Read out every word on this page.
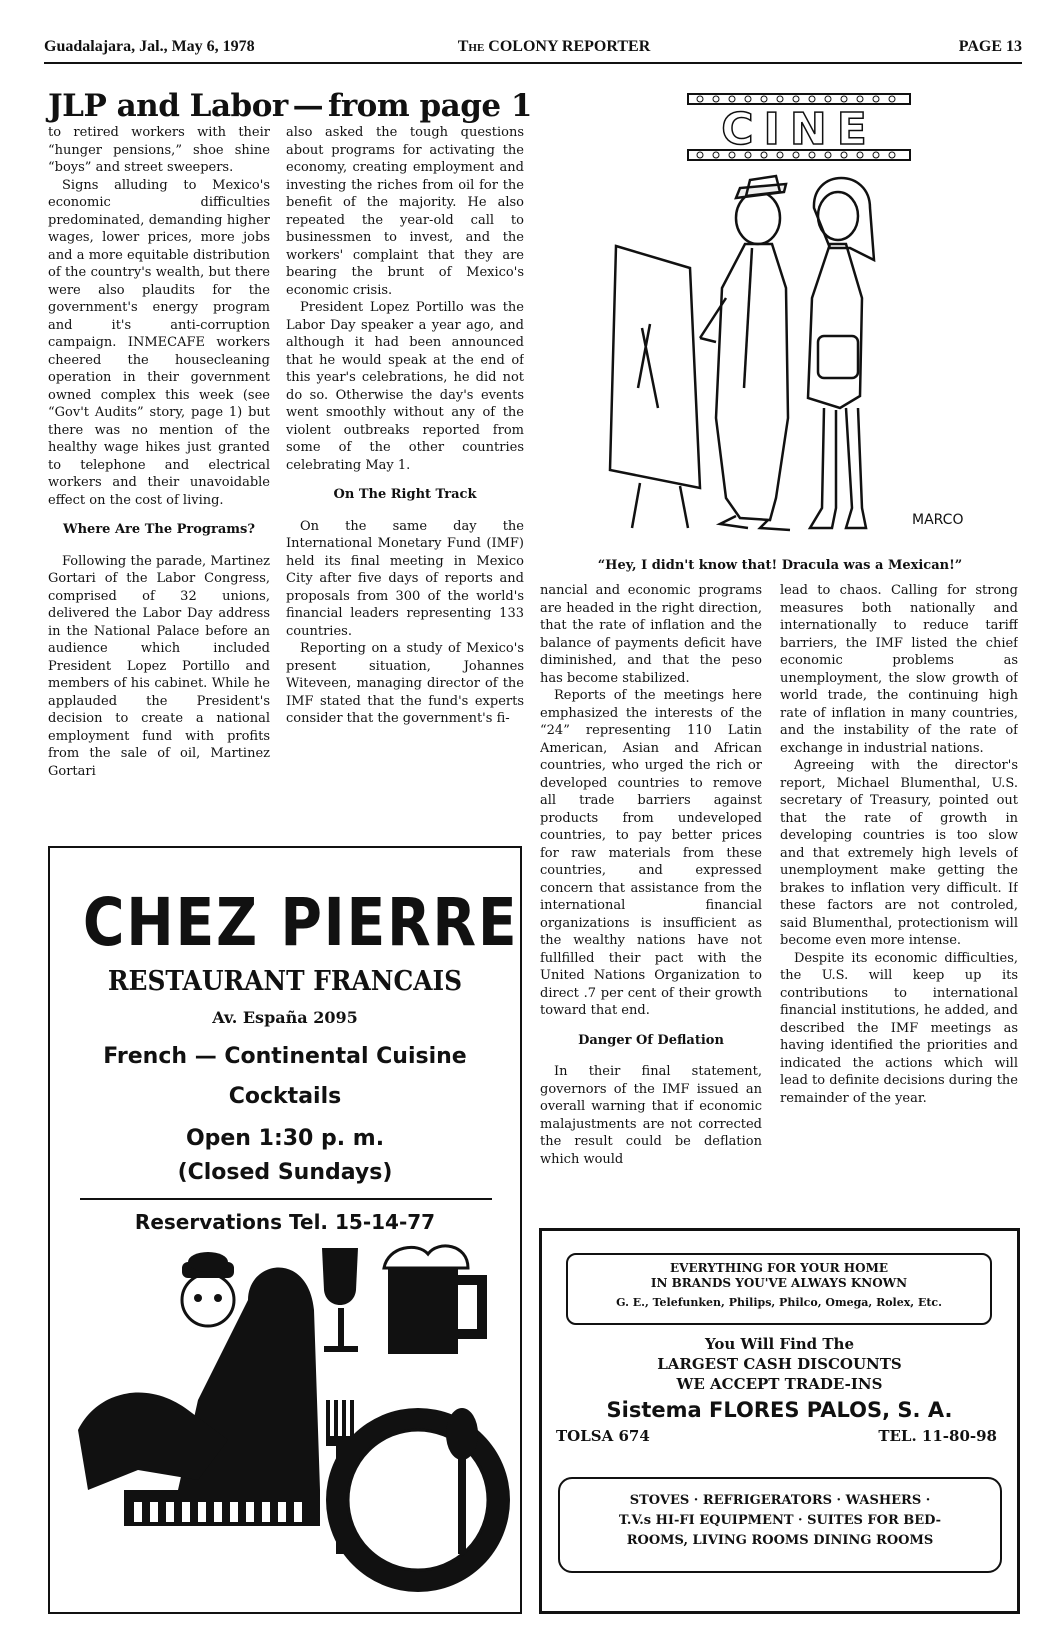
Guadalajara, Jal., May 6, 1978	The COLONY REPORTER	PAGE 13
JLP and Labor — from page 1

to retired workers with their “hunger pensions,” shoe shine “boys” and street sweepers.

Signs alluding to Mexico's economic difficulties predominated, demanding higher wages, lower prices, more jobs and a more equitable distribution of the country's wealth, but there were also plaudits for the government's energy program and it's anti-corruption campaign. INMECAFE workers cheered the housecleaning operation in their government owned complex this week (see “Gov't Audits” story, page 1) but there was no mention of the healthy wage hikes just granted to telephone and electrical workers and their unavoidable effect on the cost of living.

Where Are The Programs?

Following the parade, Martinez Gortari of the Labor Congress, comprised of 32 unions, delivered the Labor Day address in the National Palace before an audience which included President Lopez Portillo and members of his cabinet. While he applauded the President's decision to create a national employment fund with profits from the sale of oil, Martinez Gortari

also asked the tough questions about programs for activating the economy, creating employment and investing the riches from oil for the benefit of the majority. He also repeated the year-old call to businessmen to invest, and the workers' complaint that they are bearing the brunt of Mexico's economic crisis.

President Lopez Portillo was the Labor Day speaker a year ago, and although it had been announced that he would speak at the end of this year's celebrations, he did not do so. Otherwise the day's events went smoothly without any of the violent outbreaks reported from some of the other countries celebrating May 1.

On The Right Track

On the same day the International Monetary Fund (IMF) held its final meeting in Mexico City after five days of reports and proposals from 300 of the world's financial leaders representing 133 countries.

Reporting on a study of Mexico's present situation, Johannes Witeveen, managing director of the IMF stated that the fund's experts consider that the government's fi-

CINE
MARCO
“Hey, I didn't know that! Dracula was a Mexican!”

nancial and economic programs are headed in the right direction, that the rate of inflation and the balance of payments deficit have diminished, and that the peso has become stabilized.

Reports of the meetings here emphasized the interests of the “24” representing 110 Latin American, Asian and African countries, who urged the rich or developed countries to remove all trade barriers against products from undeveloped countries, to pay better prices for raw materials from these countries, and expressed concern that assistance from the international financial organizations is insufficient as the wealthy nations have not fullfilled their pact with the United Nations Organization to direct .7 per cent of their growth toward that end.

Danger Of Deflation

In their final statement, governors of the IMF issued an overall warning that if economic malajustments are not corrected the result could be deflation which would

lead to chaos. Calling for strong measures both nationally and internationally to reduce tariff barriers, the IMF listed the chief economic problems as unemployment, the slow growth of world trade, the continuing high rate of inflation in many countries, and the instability of the rate of exchange in industrial nations.

Agreeing with the director's report, Michael Blumenthal, U.S. secretary of Treasury, pointed out that the rate of growth in developing countries is too slow and that extremely high levels of unemployment make getting the brakes to inflation very difficult. If these factors are not controled, said Blumenthal, protectionism will become even more intense.

Despite its economic difficulties, the U.S. will keep up its contributions to international financial institutions, he added, and described the IMF meetings as having identified the priorities and indicated the actions which will lead to definite decisions during the remainder of the year.

CHEZ PIERRE
RESTAURANT FRANCAIS
Av. España 2095
French — Continental Cuisine
Cocktails
Open 1:30 p. m.
Reservations Tel. 15-14-77
(Closed Sundays)
EVERYTHING FOR YOUR HOME
IN BRANDS YOU'VE ALWAYS KNOWN
G. E., Telefunken, Philips, Philco, Omega, Rolex, Etc.
You Will Find The
LARGEST CASH DISCOUNTS
WE ACCEPT TRADE-INS
Sistema FLORES PALOS, S. A.
TOLSA 674	TEL. 11-80-98
STOVES · REFRIGERATORS · WASHERS ·
T.V.s HI-FI EQUIPMENT · SUITES FOR BED-
ROOMS, LIVING ROOMS DINING ROOMS
